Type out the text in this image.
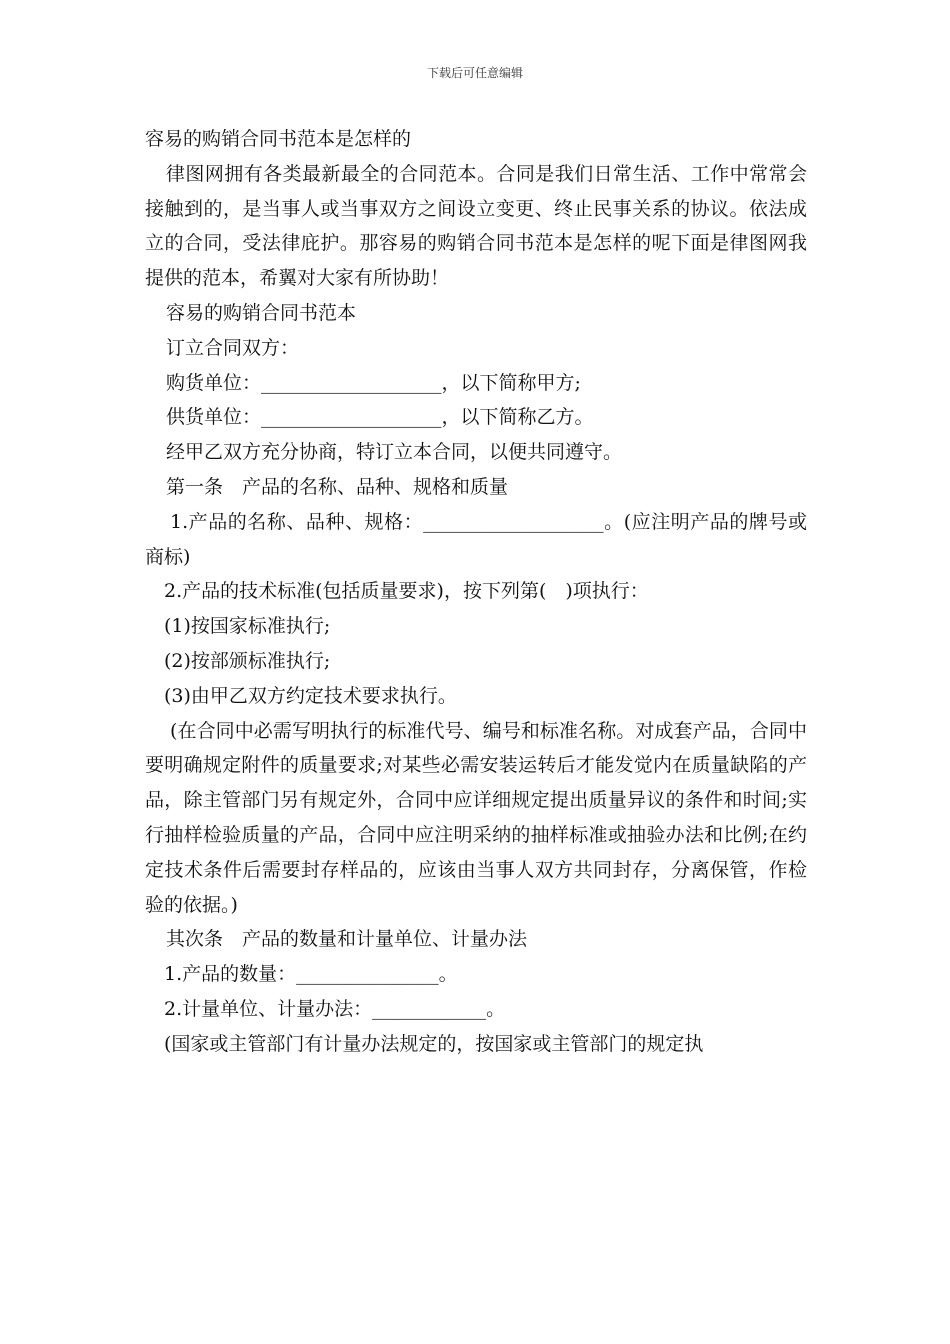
下载后可任意编辑

容易的购销合同书范本是怎样的

律图网拥有各类最新最全的合同范本。合同是我们日常生活、工作中常常会接触到的，是当事人或当事双方之间设立变更、终止民事关系的协议。依法成立的合同，受法律庇护。那容易的购销合同书范本是怎样的呢下面是律图网我提供的范本，希翼对大家有所协助！

容易的购销合同书范本

订立合同双方：

购货单位：___________________，以下简称甲方;

供货单位：___________________，以下简称乙方。

经甲乙双方充分协商，特订立本合同，以便共同遵守。

第一条　产品的名称、品种、规格和质量

1.产品的名称、品种、规格：___________________。(应注明产品的牌号或商标)

2.产品的技术标准(包括质量要求)，按下列第(　)项执行：

(1)按国家标准执行;

(2)按部颁标准执行;

(3)由甲乙双方约定技术要求执行。

(在合同中必需写明执行的标准代号、编号和标准名称。对成套产品，合同中要明确规定附件的质量要求;对某些必需安装运转后才能发觉内在质量缺陷的产品，除主管部门另有规定外，合同中应详细规定提出质量异议的条件和时间;实行抽样检验质量的产品，合同中应注明采纳的抽样标准或抽验办法和比例;在约定技术条件后需要封存样品的，应该由当事人双方共同封存，分离保管，作检验的依据。)

其次条　产品的数量和计量单位、计量办法

1.产品的数量：_______________。

2.计量单位、计量办法：____________。

(国家或主管部门有计量办法规定的，按国家或主管部门的规定执
